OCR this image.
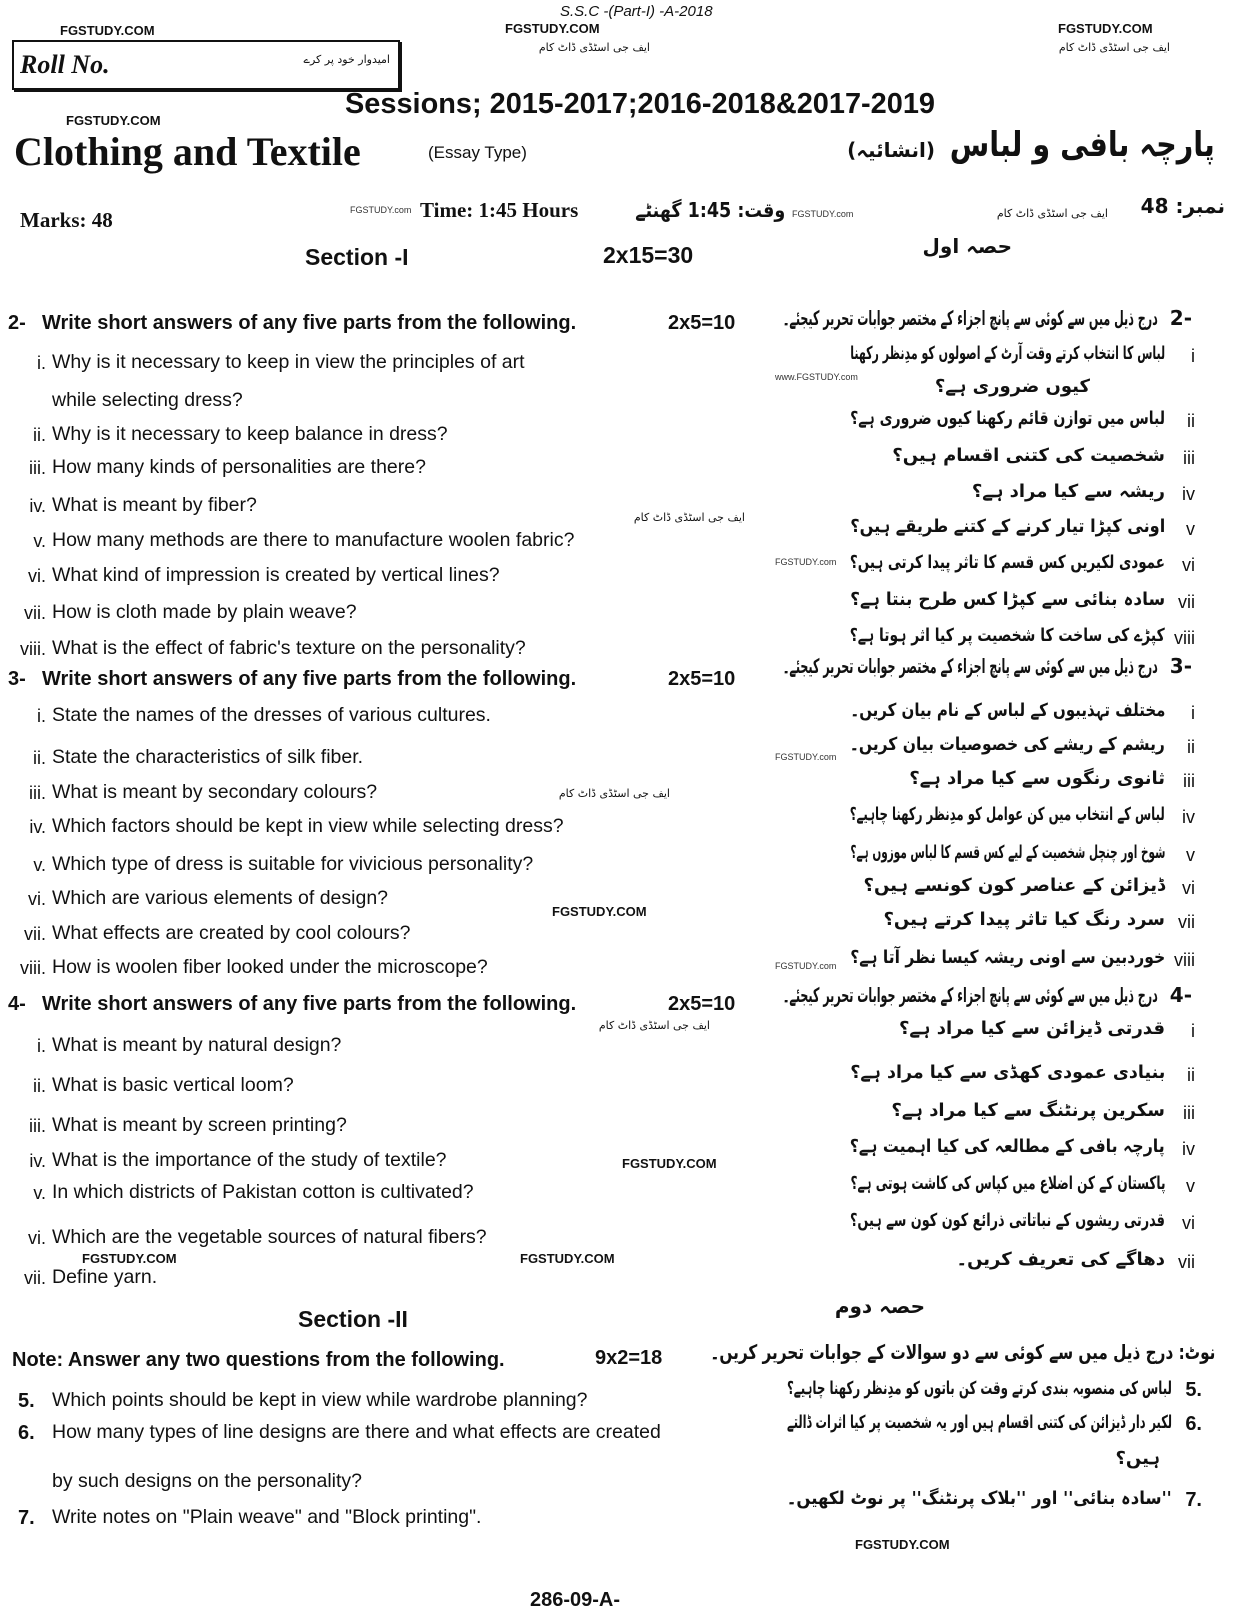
S.S.C -(Part-I) -A-2018
FGSTUDY.COM	FGSTUDY.COM	FGSTUDY.COM
ایف جی اسٹڈی ڈاٹ کام	ایف جی اسٹڈی ڈاٹ کام
Roll No.	امیدوار خود پر کرے
Sessions; 2015-2017;2016-2018&2017-2019
FGSTUDY.COM
Clothing and Textile	(Essay Type)	پارچہ بافی و لباس
(انشائیہ)
Marks: 48	FGSTUDY.com Time: 1:45 Hours	وقت: 1:45 گھنٹے FGSTUDY.com	نمبر: 48
ایف جی اسٹڈی ڈاٹ کام
Section -I	2x15=30	حصہ اول
2- Write short answers of any five parts from the following.	2x5=10
i. Why is it necessary to keep in view the principles of art
while selecting dress?
ii. Why is it necessary to keep balance in dress?
iii. How many kinds of personalities are there?
iv. What is meant by fiber?
v. How many methods are there to manufacture woolen fabric?
vi. What kind of impression is created by vertical lines?
vii. How is cloth made by plain weave?
viii. What is the effect of fabric's texture on the personality?
3- Write short answers of any five parts from the following.	2x5=10
i. State the names of the dresses of various cultures.
ii. State the characteristics of silk fiber.
iii. What is meant by secondary colours?
iv. Which factors should be kept in view while selecting dress?
v. Which type of dress is suitable for vivicious personality?
vi. Which are various elements of design?
vii. What effects are created by cool colours?
viii. How is woolen fiber looked under the microscope?
4- Write short answers of any five parts from the following.	2x5=10
i. What is meant by natural design?
ii. What is basic vertical loom?
iii. What is meant by screen printing?
iv. What is the importance of the study of textile?
v. In which districts of Pakistan cotton is cultivated?
vi. Which are the vegetable sources of natural fibers?
vii. Define yarn.
Section -II
Note: Answer any two questions from the following.	9x2=18
5. Which points should be kept in view while wardrobe planning?
6. How many types of line designs are there and what effects are created
7. Write notes on "Plain weave" and "Block printing".
by such designs on the personality?
-2
درج ذیل میں سے کوئی سے پانچ اجزاء کے مختصر جوابات تحریر کیجئے۔
i
لباس کا انتخاب کرتے وقت آرٹ کے اصولوں کو مدِنظر رکھنا
ii
لباس میں توازن قائم رکھنا کیوں ضروری ہے؟
iii
شخصیت کی کتنی اقسام ہیں؟
iv
ریشہ سے کیا مراد ہے؟
v
اونی کپڑا تیار کرنے کے کتنے طریقے ہیں؟
vi
عمودی لکیریں کس قسم کا تاثر پیدا کرتی ہیں؟
vii
سادہ بنائی سے کپڑا کس طرح بنتا ہے؟
viii
کپڑے کی ساخت کا شخصیت پر کیا اثر ہوتا ہے؟
کیوں ضروری ہے؟
-3
درج ذیل میں سے کوئی سے پانچ اجزاء کے مختصر جوابات تحریر کیجئے۔
i
مختلف تہذیبوں کے لباس کے نام بیان کریں۔
ii
ریشم کے ریشے کی خصوصیات بیان کریں۔
iii
ثانوی رنگوں سے کیا مراد ہے؟
iv
لباس کے انتخاب میں کن عوامل کو مدِنظر رکھنا چاہیے؟
v
شوخ اور چنچل شخصیت کے لیے کس قسم کا لباس موزوں ہے؟
vi
ڈیزائن کے عناصر کون کونسے ہیں؟
vii
سرد رنگ کیا تاثر پیدا کرتے ہیں؟
viii
خوردبین سے اونی ریشہ کیسا نظر آتا ہے؟
-4
درج ذیل میں سے کوئی سے پانچ اجزاء کے مختصر جوابات تحریر کیجئے۔
i
قدرتی ڈیزائن سے کیا مراد ہے؟
ii
بنیادی عمودی کھڈی سے کیا مراد ہے؟
iii
سکرین پرنٹنگ سے کیا مراد ہے؟
iv
پارچہ بافی کے مطالعہ کی کیا اہمیت ہے؟
v
پاکستان کے کن اضلاع میں کپاس کی کاشت ہوتی ہے؟
vi
قدرتی ریشوں کے نباتاتی ذرائع کون کون سے ہیں؟
vii
دھاگے کی تعریف کریں۔
حصہ دوم
نوٹ: درج ذیل میں سے کوئی سے دو سوالات کے جوابات تحریر کریں۔
5.
لباس کی منصوبہ بندی کرتے وقت کن باتوں کو مدِنظر رکھنا چاہیے؟
6.
لکیر دار ڈیزائن کی کتنی اقسام ہیں اور یہ شخصیت پر کیا اثرات ڈالتے
7.
''سادہ بنائی'' اور ''بلاک پرنٹنگ'' پر نوٹ لکھیں۔
ہیں؟
www.FGSTUDY.com
FGSTUDY.com
FGSTUDY.com
FGSTUDY.com
FGSTUDY.COM
FGSTUDY.COM
FGSTUDY.COM	FGSTUDY.COM
ایف جی اسٹڈی ڈاٹ کام
ایف جی اسٹڈی ڈاٹ کام
ایف جی اسٹڈی ڈاٹ کام
FGSTUDY.COM
286-09-A-
